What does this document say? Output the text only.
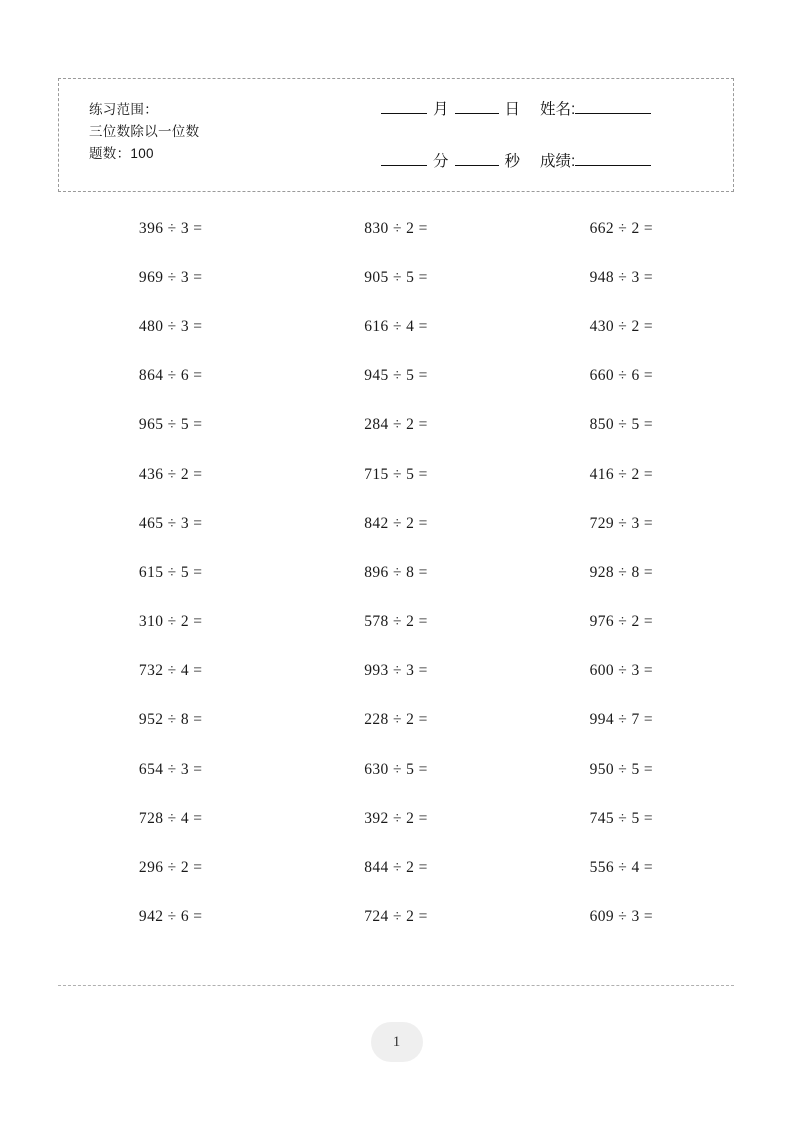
练习范围：
三位数除以一位数
题数：100
月	日 姓名:
分	秒 成绩:
396 ÷ 3 =	830 ÷ 2 =	662 ÷ 2 =
969 ÷ 3 =	905 ÷ 5 =	948 ÷ 3 =
480 ÷ 3 =	616 ÷ 4 =	430 ÷ 2 =
864 ÷ 6 =	945 ÷ 5 =	660 ÷ 6 =
965 ÷ 5 =	284 ÷ 2 =	850 ÷ 5 =
436 ÷ 2 =	715 ÷ 5 =	416 ÷ 2 =
465 ÷ 3 =	842 ÷ 2 =	729 ÷ 3 =
615 ÷ 5 =	896 ÷ 8 =	928 ÷ 8 =
310 ÷ 2 =	578 ÷ 2 =	976 ÷ 2 =
732 ÷ 4 =	993 ÷ 3 =	600 ÷ 3 =
952 ÷ 8 =	228 ÷ 2 =	994 ÷ 7 =
654 ÷ 3 =	630 ÷ 5 =	950 ÷ 5 =
728 ÷ 4 =	392 ÷ 2 =	745 ÷ 5 =
296 ÷ 2 =	844 ÷ 2 =	556 ÷ 4 =
942 ÷ 6 =	724 ÷ 2 =	609 ÷ 3 =
1
